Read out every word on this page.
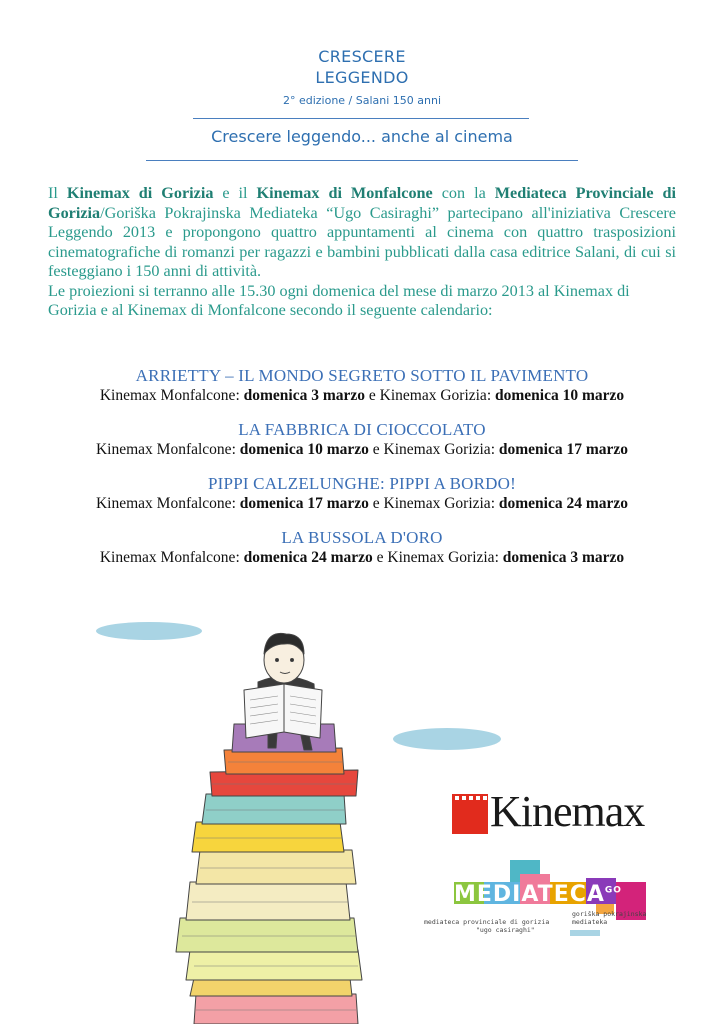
CRESCERE
LEGGENDO
2° edizione / Salani 150 anni
Crescere leggendo... anche al cinema
Il Kinemax di Gorizia e il Kinemax di Monfalcone con la Mediateca Provinciale di Gorizia/Goriška Pokrajinska Mediateka “Ugo Casiraghi” partecipano all'iniziativa Crescere Leggendo 2013 e propongono quattro appuntamenti al cinema con quattro trasposizioni cinematografiche di romanzi per ragazzi e bambini pubblicati dalla casa editrice Salani, di cui si festeggiano i 150 anni di attività.
Le proiezioni si terranno alle 15.30 ogni domenica del mese di marzo 2013 al Kinemax di Gorizia e al Kinemax di Monfalcone secondo il seguente calendario:
ARRIETTY – IL MONDO SEGRETO SOTTO IL PAVIMENTO
Kinemax Monfalcone: domenica 3 marzo e Kinemax Gorizia: domenica 10 marzo
LA FABBRICA DI CIOCCOLATO
Kinemax Monfalcone: domenica 10 marzo e Kinemax Gorizia: domenica 17 marzo
PIPPI CALZELUNGHE: PIPPI A BORDO!
Kinemax Monfalcone: domenica 17 marzo e Kinemax Gorizia: domenica 24 marzo
LA BUSSOLA D'ORO
Kinemax Monfalcone: domenica 24 marzo e Kinemax Gorizia: domenica 3 marzo
Kinemax
$MEDIATECA^{GO}$
mediateca provinciale di gorizia
"ugo casiraghi"
goriška pokrajinska
mediateka
